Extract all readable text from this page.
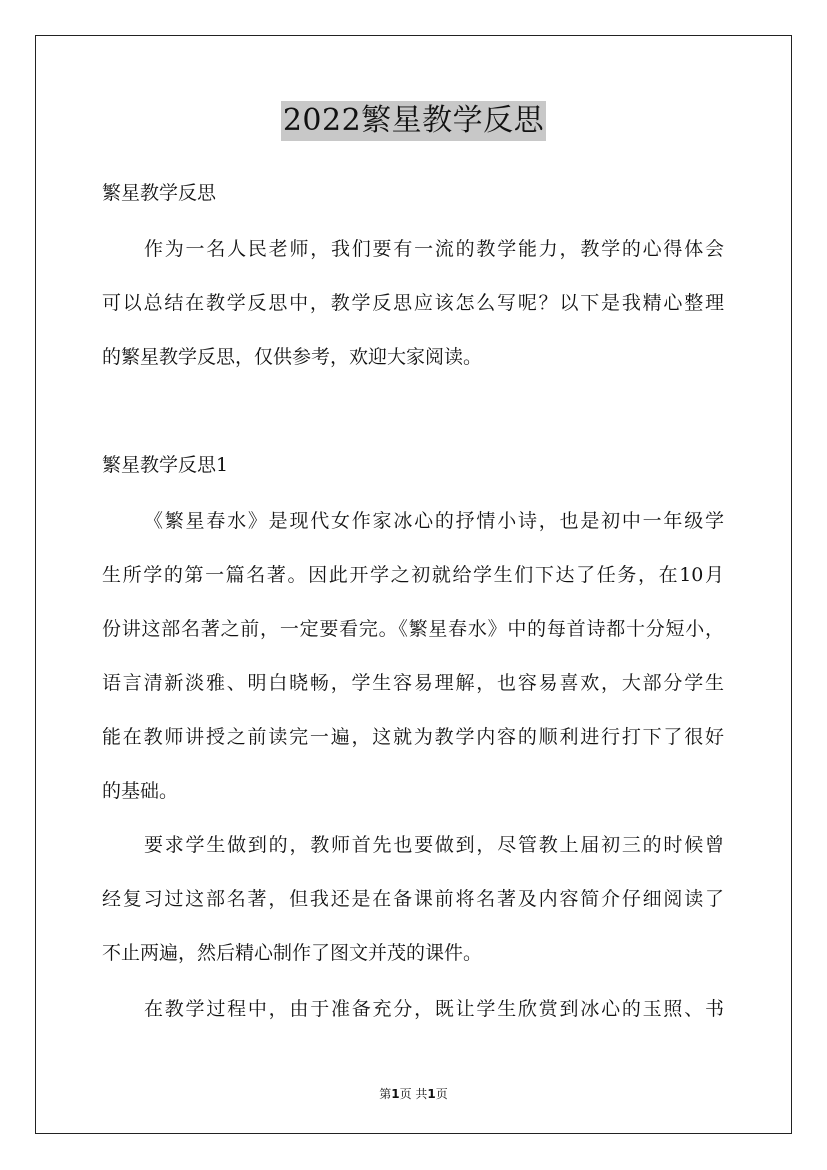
2022繁星教学反思
繁星教学反思
作为一名人民老师，我们要有一流的教学能力，教学的心得体会
可以总结在教学反思中，教学反思应该怎么写呢？以下是我精心整理
的繁星教学反思，仅供参考，欢迎大家阅读。
繁星教学反思1
《繁星春水》是现代女作家冰心的抒情小诗，也是初中一年级学
生所学的第一篇名著。因此开学之初就给学生们下达了任务，在10月
份讲这部名著之前，一定要看完。《繁星春水》中的每首诗都十分短小，
语言清新淡雅、明白晓畅，学生容易理解，也容易喜欢，大部分学生
能在教师讲授之前读完一遍，这就为教学内容的顺利进行打下了很好
的基础。
要求学生做到的，教师首先也要做到，尽管教上届初三的时候曾
经复习过这部名著，但我还是在备课前将名著及内容简介仔细阅读了
不止两遍，然后精心制作了图文并茂的课件。
在教学过程中，由于准备充分，既让学生欣赏到冰心的玉照、书
第1页 共1页
